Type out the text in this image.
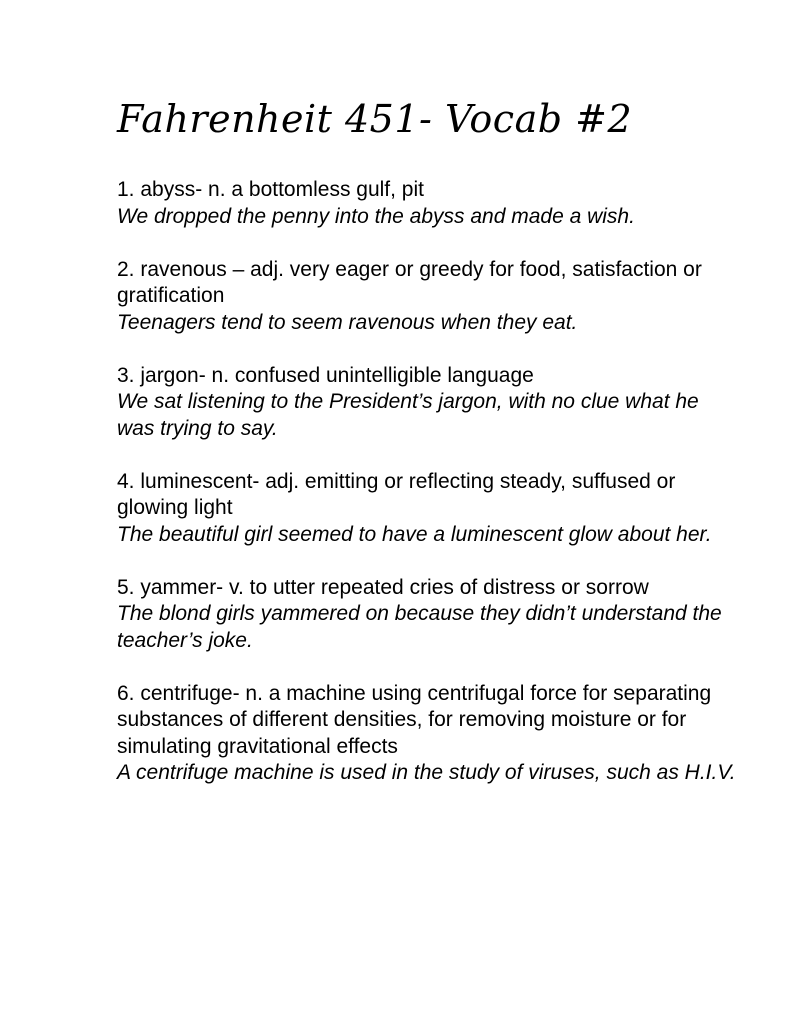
Fahrenheit 451- Vocab #2

1. abyss- n. a bottomless gulf, pit

We dropped the penny into the abyss and made a wish.

2. ravenous – adj. very eager or greedy for food, satisfaction or gratification

Teenagers tend to seem ravenous when they eat.

3. jargon- n. confused unintelligible language

We sat listening to the President’s jargon, with no clue what he was trying to say.

4. luminescent- adj. emitting or reflecting steady, suffused or glowing light

The beautiful girl seemed to have a luminescent glow about her.

5. yammer- v. to utter repeated cries of distress or sorrow

The blond girls yammered on because they didn’t understand the teacher’s joke.

6. centrifuge- n. a machine using centrifugal force for separating substances of different densities, for removing moisture or for simulating gravitational effects

A centrifuge machine is used in the study of viruses, such as H.I.V.
